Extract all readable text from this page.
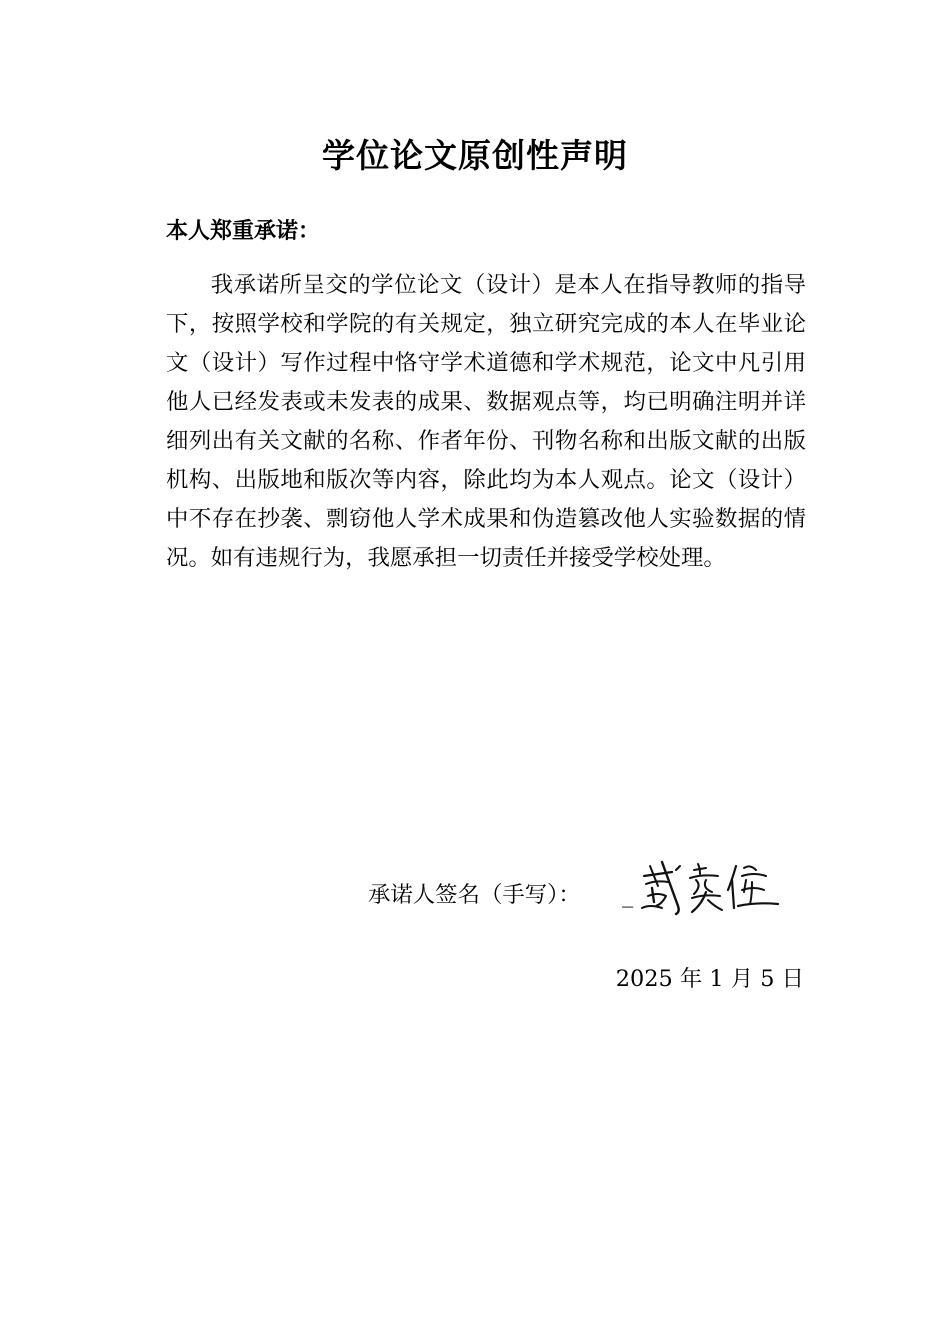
学位论文原创性声明

本人郑重承诺：

我承诺所呈交的学位论文（设计）是本人在指导教师的指导下，按照学校和学院的有关规定，独立研究完成的本人在毕业论文（设计）写作过程中恪守学术道德和学术规范，论文中凡引用他人已经发表或未发表的成果、数据观点等，均已明确注明并详细列出有关文献的名称、作者年份、刊物名称和出版文献的出版机构、出版地和版次等内容，除此均为本人观点。论文（设计）中不存在抄袭、剽窃他人学术成果和伪造篡改他人实验数据的情况。如有违规行为，我愿承担一切责任并接受学校处理。

承诺人签名（手写）： _

2025 年 1 月 5 日
